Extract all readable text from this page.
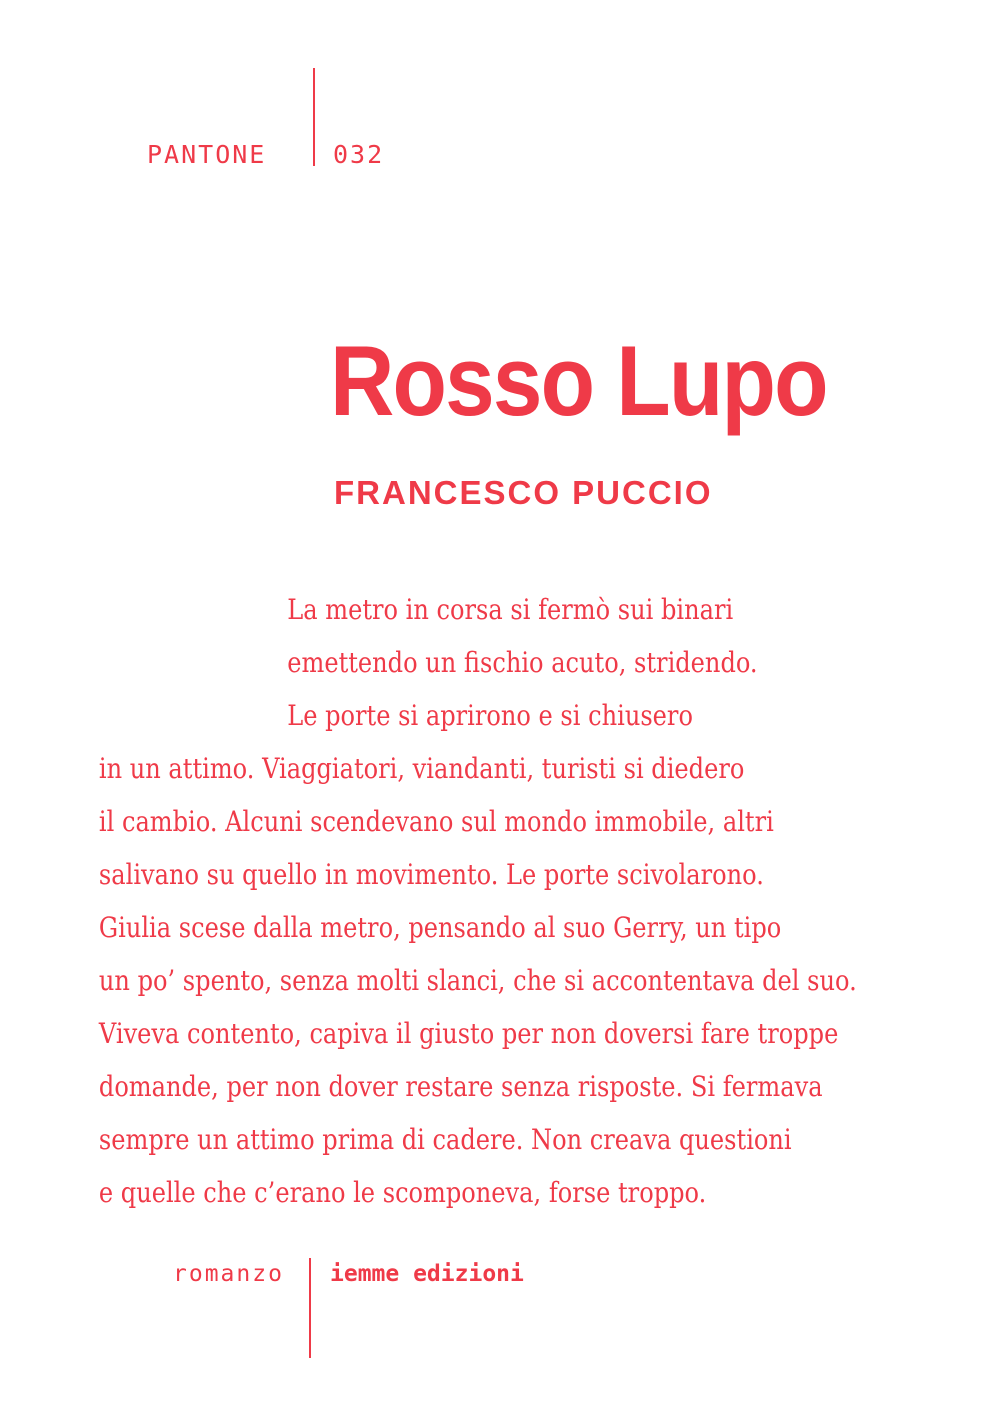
PANTONE	032
Rosso Lupo
FRANCESCO PUCCIO

La metro in corsa si fermò sui binari
emettendo un fischio acuto, stridendo.
Le porte si aprirono e si chiusero
in un attimo. Viaggiatori, viandanti, turisti si diedero
il cambio. Alcuni scendevano sul mondo immobile, altri
salivano su quello in movimento. Le porte scivolarono.
Giulia scese dalla metro, pensando al suo Gerry, un tipo
un po’ spento, senza molti slanci, che si accontentava del suo.
Viveva contento, capiva il giusto per non doversi fare troppe
domande, per non dover restare senza risposte. Si fermava
sempre un attimo prima di cadere. Non creava questioni
e quelle che c’erano le scomponeva, forse troppo.

romanzo iemme edizioni
